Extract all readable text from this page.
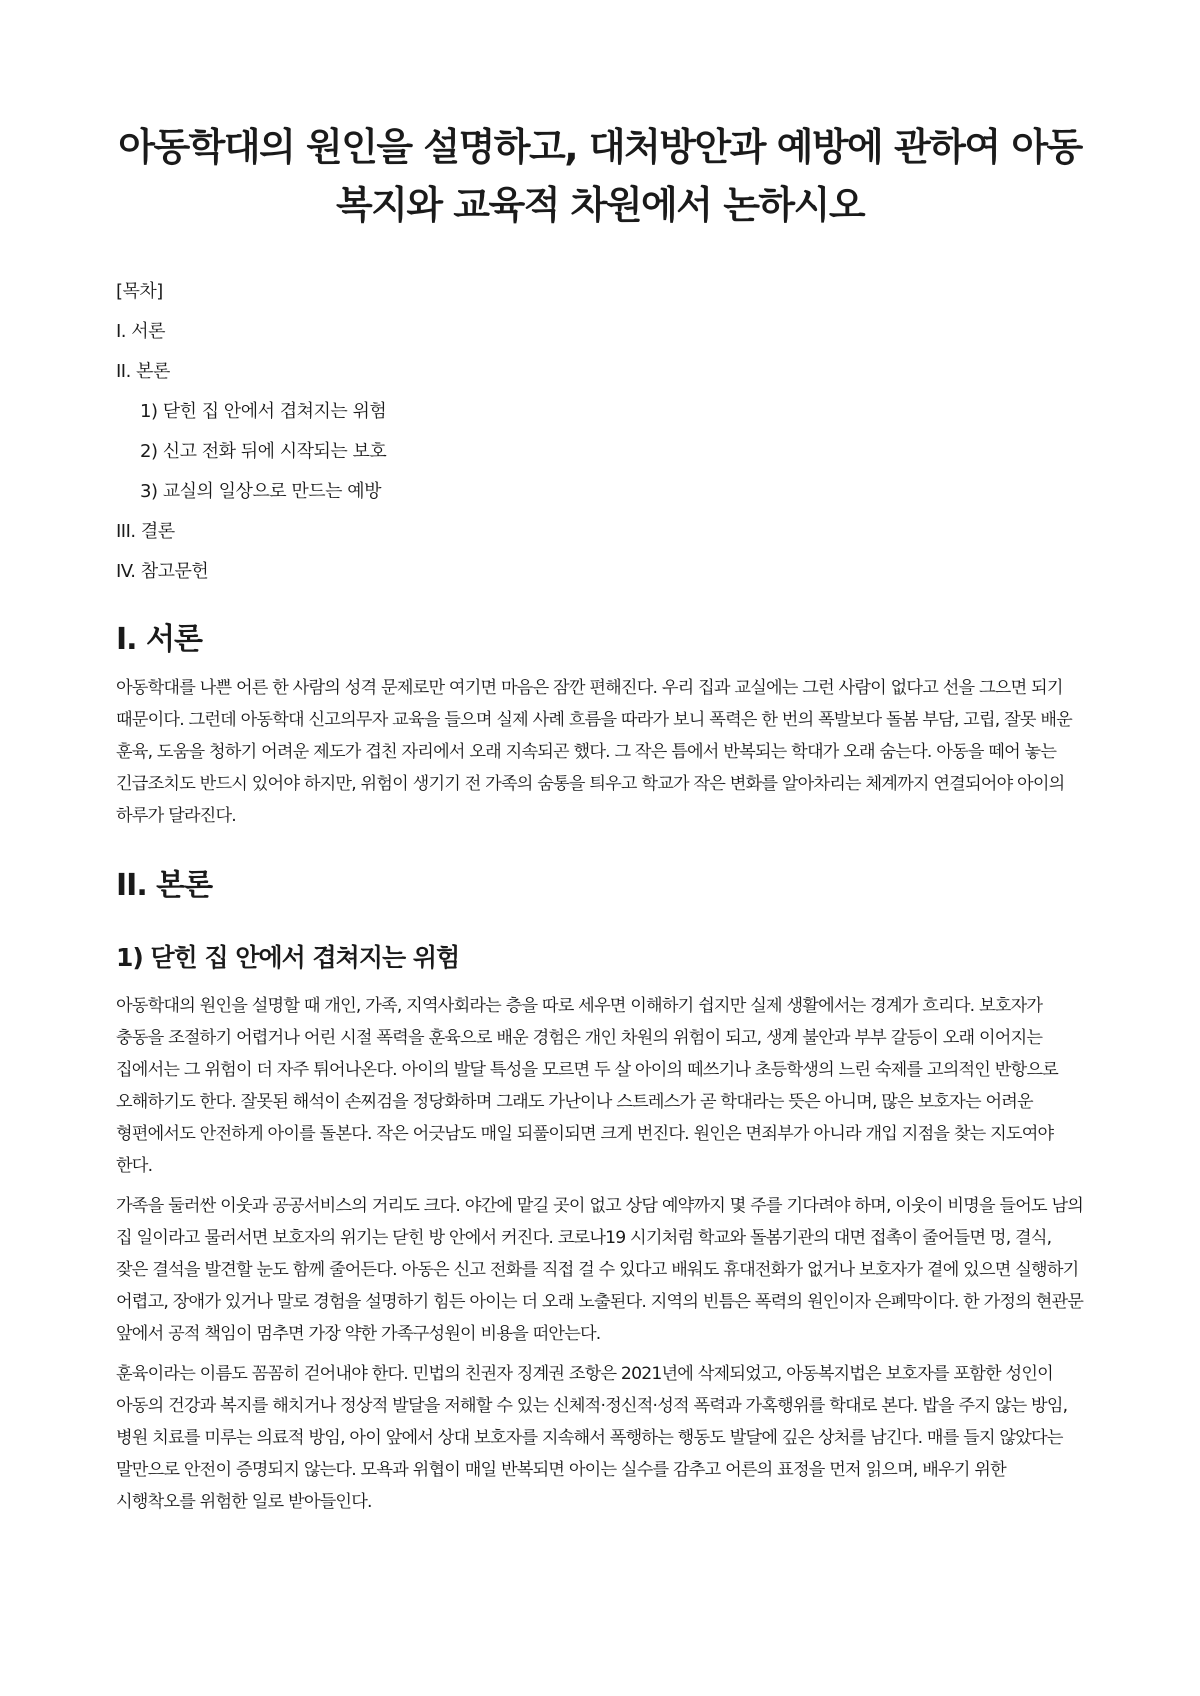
아동학대의 원인을 설명하고, 대처방안과 예방에 관하여 아동
복지와 교육적 차원에서 논하시오
[목차]
I. 서론
II. 본론
1) 닫힌 집 안에서 겹쳐지는 위험
2) 신고 전화 뒤에 시작되는 보호
3) 교실의 일상으로 만드는 예방
III. 결론
IV. 참고문헌
I. 서론

아동학대를 나쁜 어른 한 사람의 성격 문제로만 여기면 마음은 잠깐 편해진다. 우리 집과 교실에는 그런 사람이 없다고 선을 그으면 되기 때문이다. 그런데 아동학대 신고의무자 교육을 들으며 실제 사례 흐름을 따라가 보니 폭력은 한 번의 폭발보다 돌봄 부담, 고립, 잘못 배운 훈육, 도움을 청하기 어려운 제도가 겹친 자리에서 오래 지속되곤 했다. 그 작은 틈에서 반복되는 학대가 오래 숨는다. 아동을 떼어 놓는 긴급조치도 반드시 있어야 하지만, 위험이 생기기 전 가족의 숨통을 틔우고 학교가 작은 변화를 알아차리는 체계까지 연결되어야 아이의 하루가 달라진다.

II. 본론
1) 닫힌 집 안에서 겹쳐지는 위험

아동학대의 원인을 설명할 때 개인, 가족, 지역사회라는 층을 따로 세우면 이해하기 쉽지만 실제 생활에서는 경계가 흐리다. 보호자가 충동을 조절하기 어렵거나 어린 시절 폭력을 훈육으로 배운 경험은 개인 차원의 위험이 되고, 생계 불안과 부부 갈등이 오래 이어지는 집에서는 그 위험이 더 자주 튀어나온다. 아이의 발달 특성을 모르면 두 살 아이의 떼쓰기나 초등학생의 느린 숙제를 고의적인 반항으로 오해하기도 한다. 잘못된 해석이 손찌검을 정당화하며 그래도 가난이나 스트레스가 곧 학대라는 뜻은 아니며, 많은 보호자는 어려운 형편에서도 안전하게 아이를 돌본다. 작은 어긋남도 매일 되풀이되면 크게 번진다. 원인은 면죄부가 아니라 개입 지점을 찾는 지도여야 한다.

가족을 둘러싼 이웃과 공공서비스의 거리도 크다. 야간에 맡길 곳이 없고 상담 예약까지 몇 주를 기다려야 하며, 이웃이 비명을 들어도 남의 집 일이라고 물러서면 보호자의 위기는 닫힌 방 안에서 커진다. 코로나19 시기처럼 학교와 돌봄기관의 대면 접촉이 줄어들면 멍, 결식, 잦은 결석을 발견할 눈도 함께 줄어든다. 아동은 신고 전화를 직접 걸 수 있다고 배워도 휴대전화가 없거나 보호자가 곁에 있으면 실행하기 어렵고, 장애가 있거나 말로 경험을 설명하기 힘든 아이는 더 오래 노출된다. 지역의 빈틈은 폭력의 원인이자 은폐막이다. 한 가정의 현관문 앞에서 공적 책임이 멈추면 가장 약한 가족구성원이 비용을 떠안는다.

훈육이라는 이름도 꼼꼼히 걷어내야 한다. 민법의 친권자 징계권 조항은 2021년에 삭제되었고, 아동복지법은 보호자를 포함한 성인이 아동의 건강과 복지를 해치거나 정상적 발달을 저해할 수 있는 신체적·정신적·성적 폭력과 가혹행위를 학대로 본다. 밥을 주지 않는 방임, 병원 치료를 미루는 의료적 방임, 아이 앞에서 상대 보호자를 지속해서 폭행하는 행동도 발달에 깊은 상처를 남긴다. 매를 들지 않았다는 말만으로 안전이 증명되지 않는다. 모욕과 위협이 매일 반복되면 아이는 실수를 감추고 어른의 표정을 먼저 읽으며, 배우기 위한 시행착오를 위험한 일로 받아들인다.
